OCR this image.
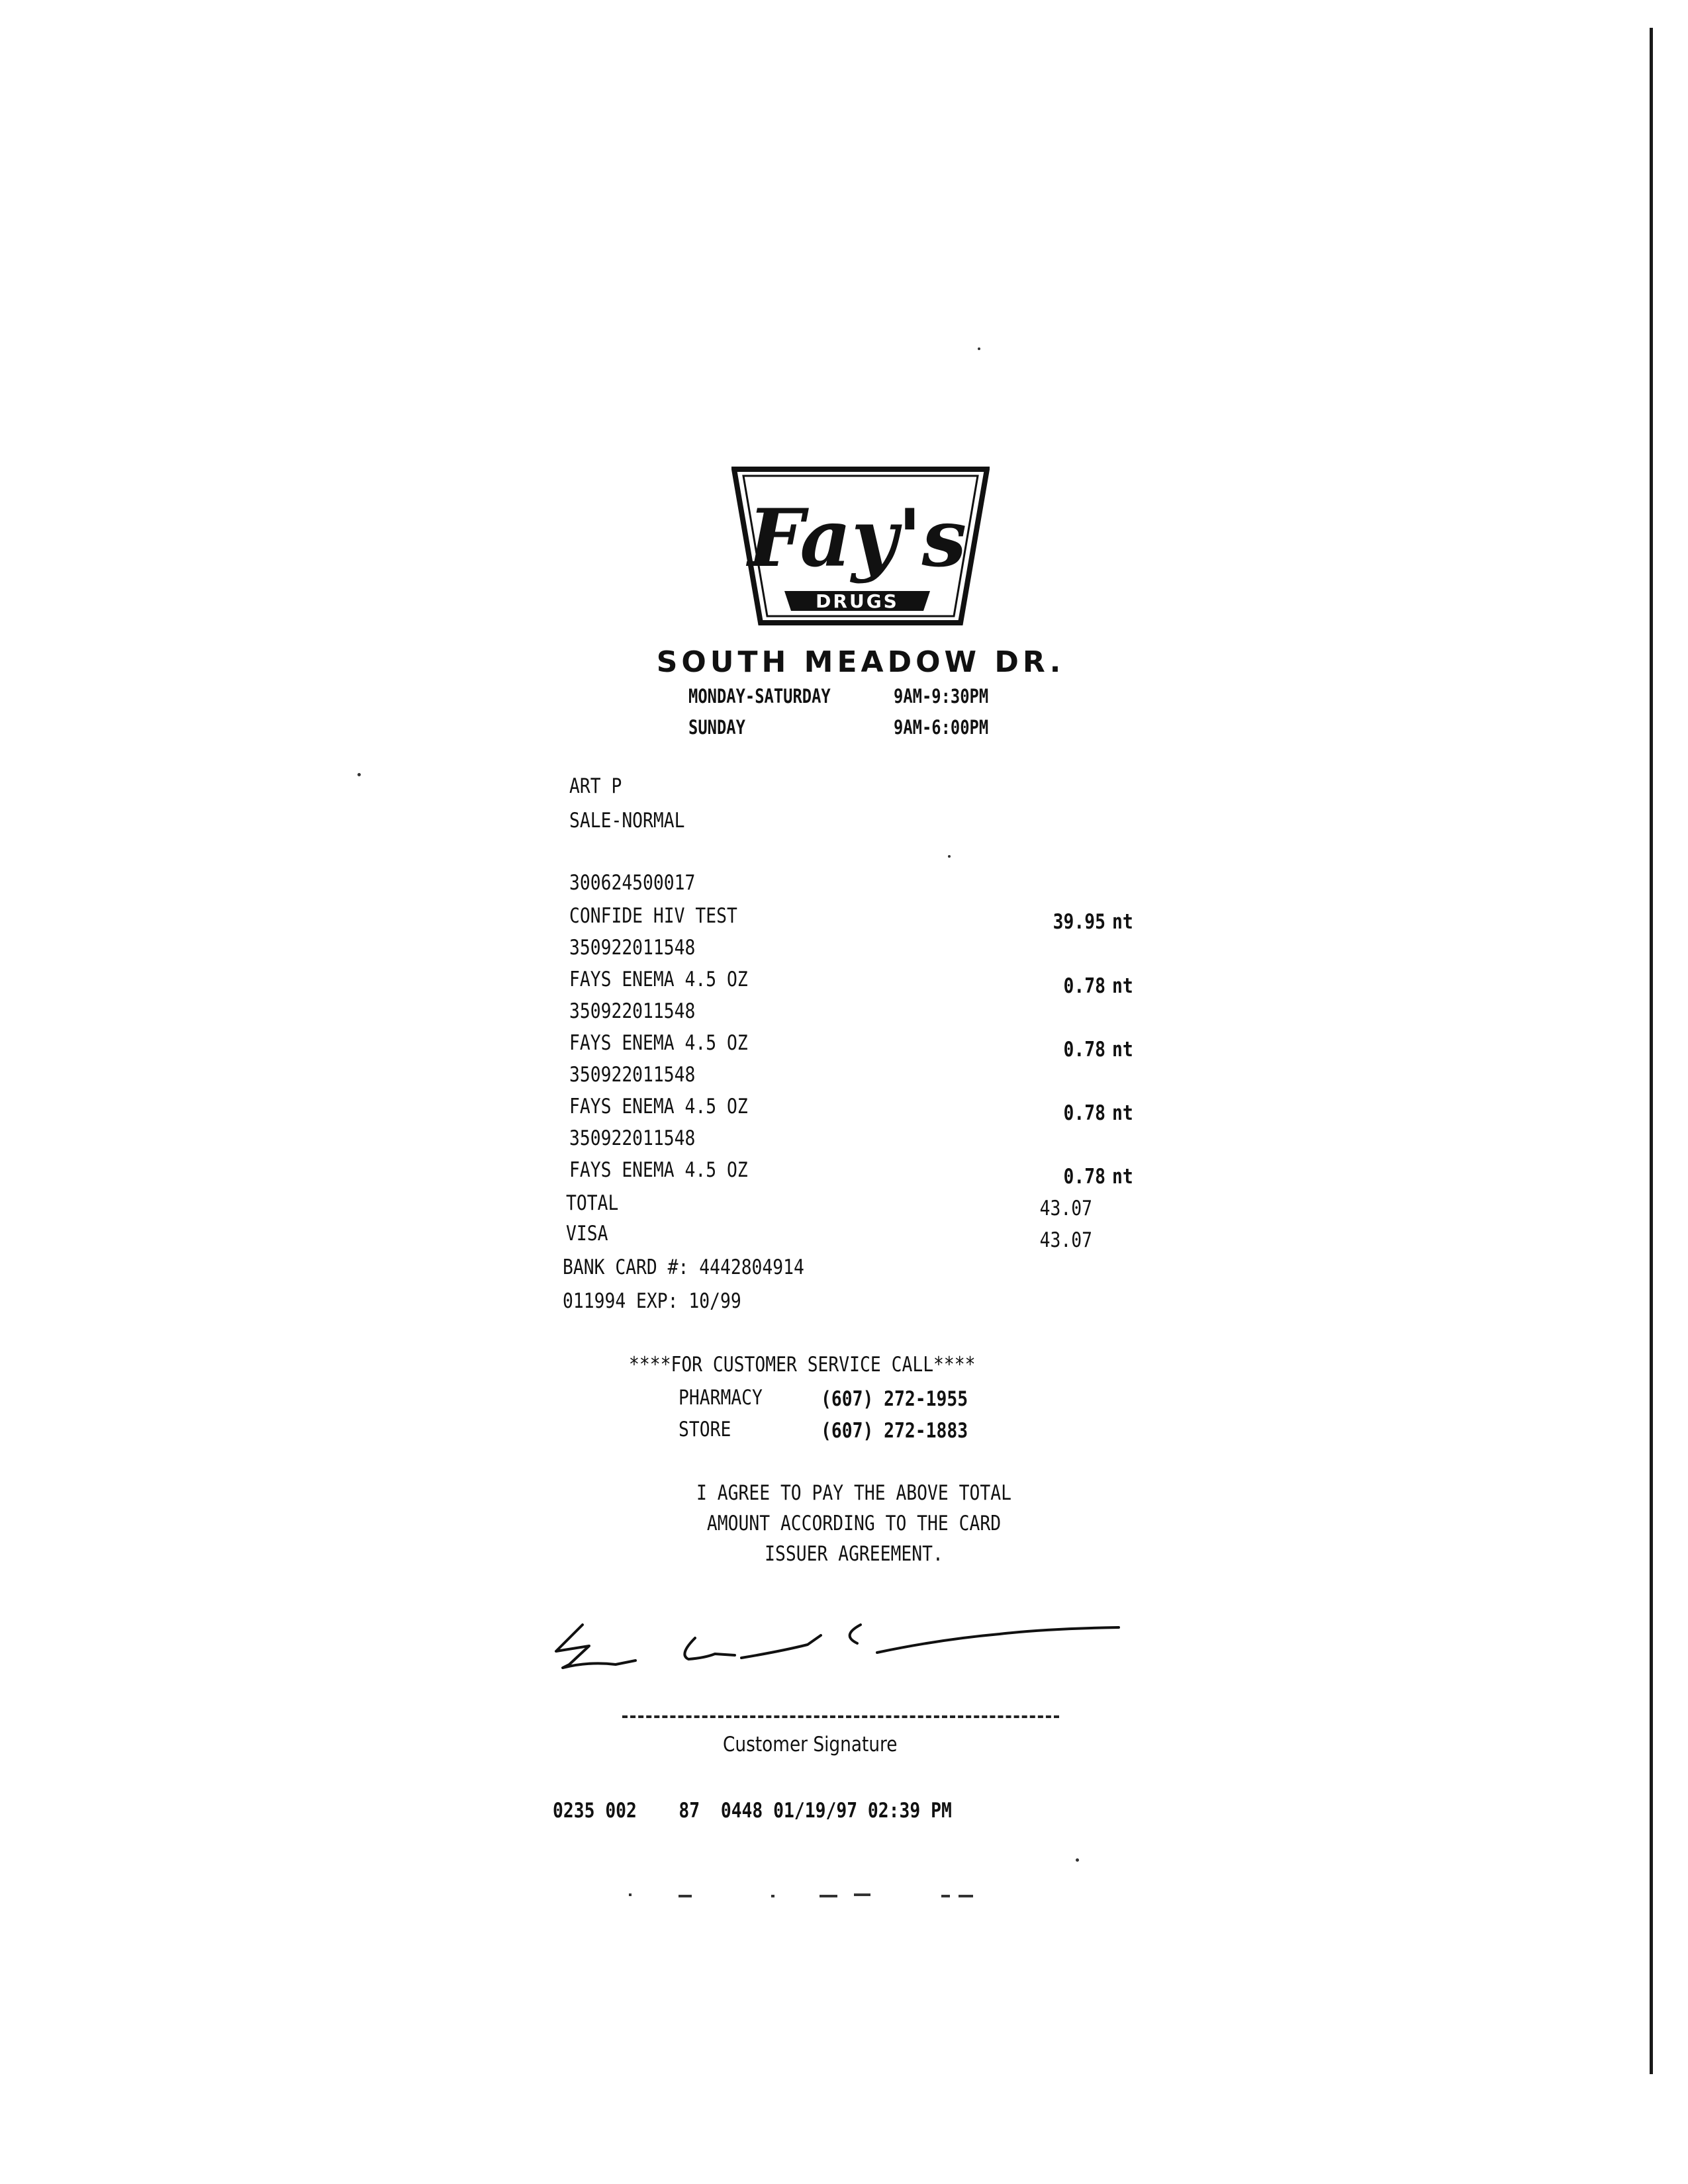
Fay's
DRUGS
SOUTH MEADOW DR.
MONDAY-SATURDAY	9AM-9:30PM
SUNDAY	9AM-6:00PM
ART P
SALE-NORMAL
300624500017
CONFIDE HIV TEST	39.95 nt
350922011548
FAYS ENEMA 4.5 OZ	0.78 nt
350922011548
FAYS ENEMA 4.5 OZ	0.78 nt
350922011548
FAYS ENEMA 4.5 OZ	0.78 nt
350922011548
FAYS ENEMA 4.5 OZ	0.78 nt
TOTAL	43.07
VISA	43.07
BANK CARD #: 4442804914
011994 EXP: 10/99
****FOR CUSTOMER SERVICE CALL****
PHARMACY	(607) 272-1955
STORE	(607) 272-1883
I AGREE TO PAY THE ABOVE TOTAL
AMOUNT ACCORDING TO THE CARD
ISSUER AGREEMENT.
Customer Signature
0235 002    87  0448 01/19/97 02:39 PM
